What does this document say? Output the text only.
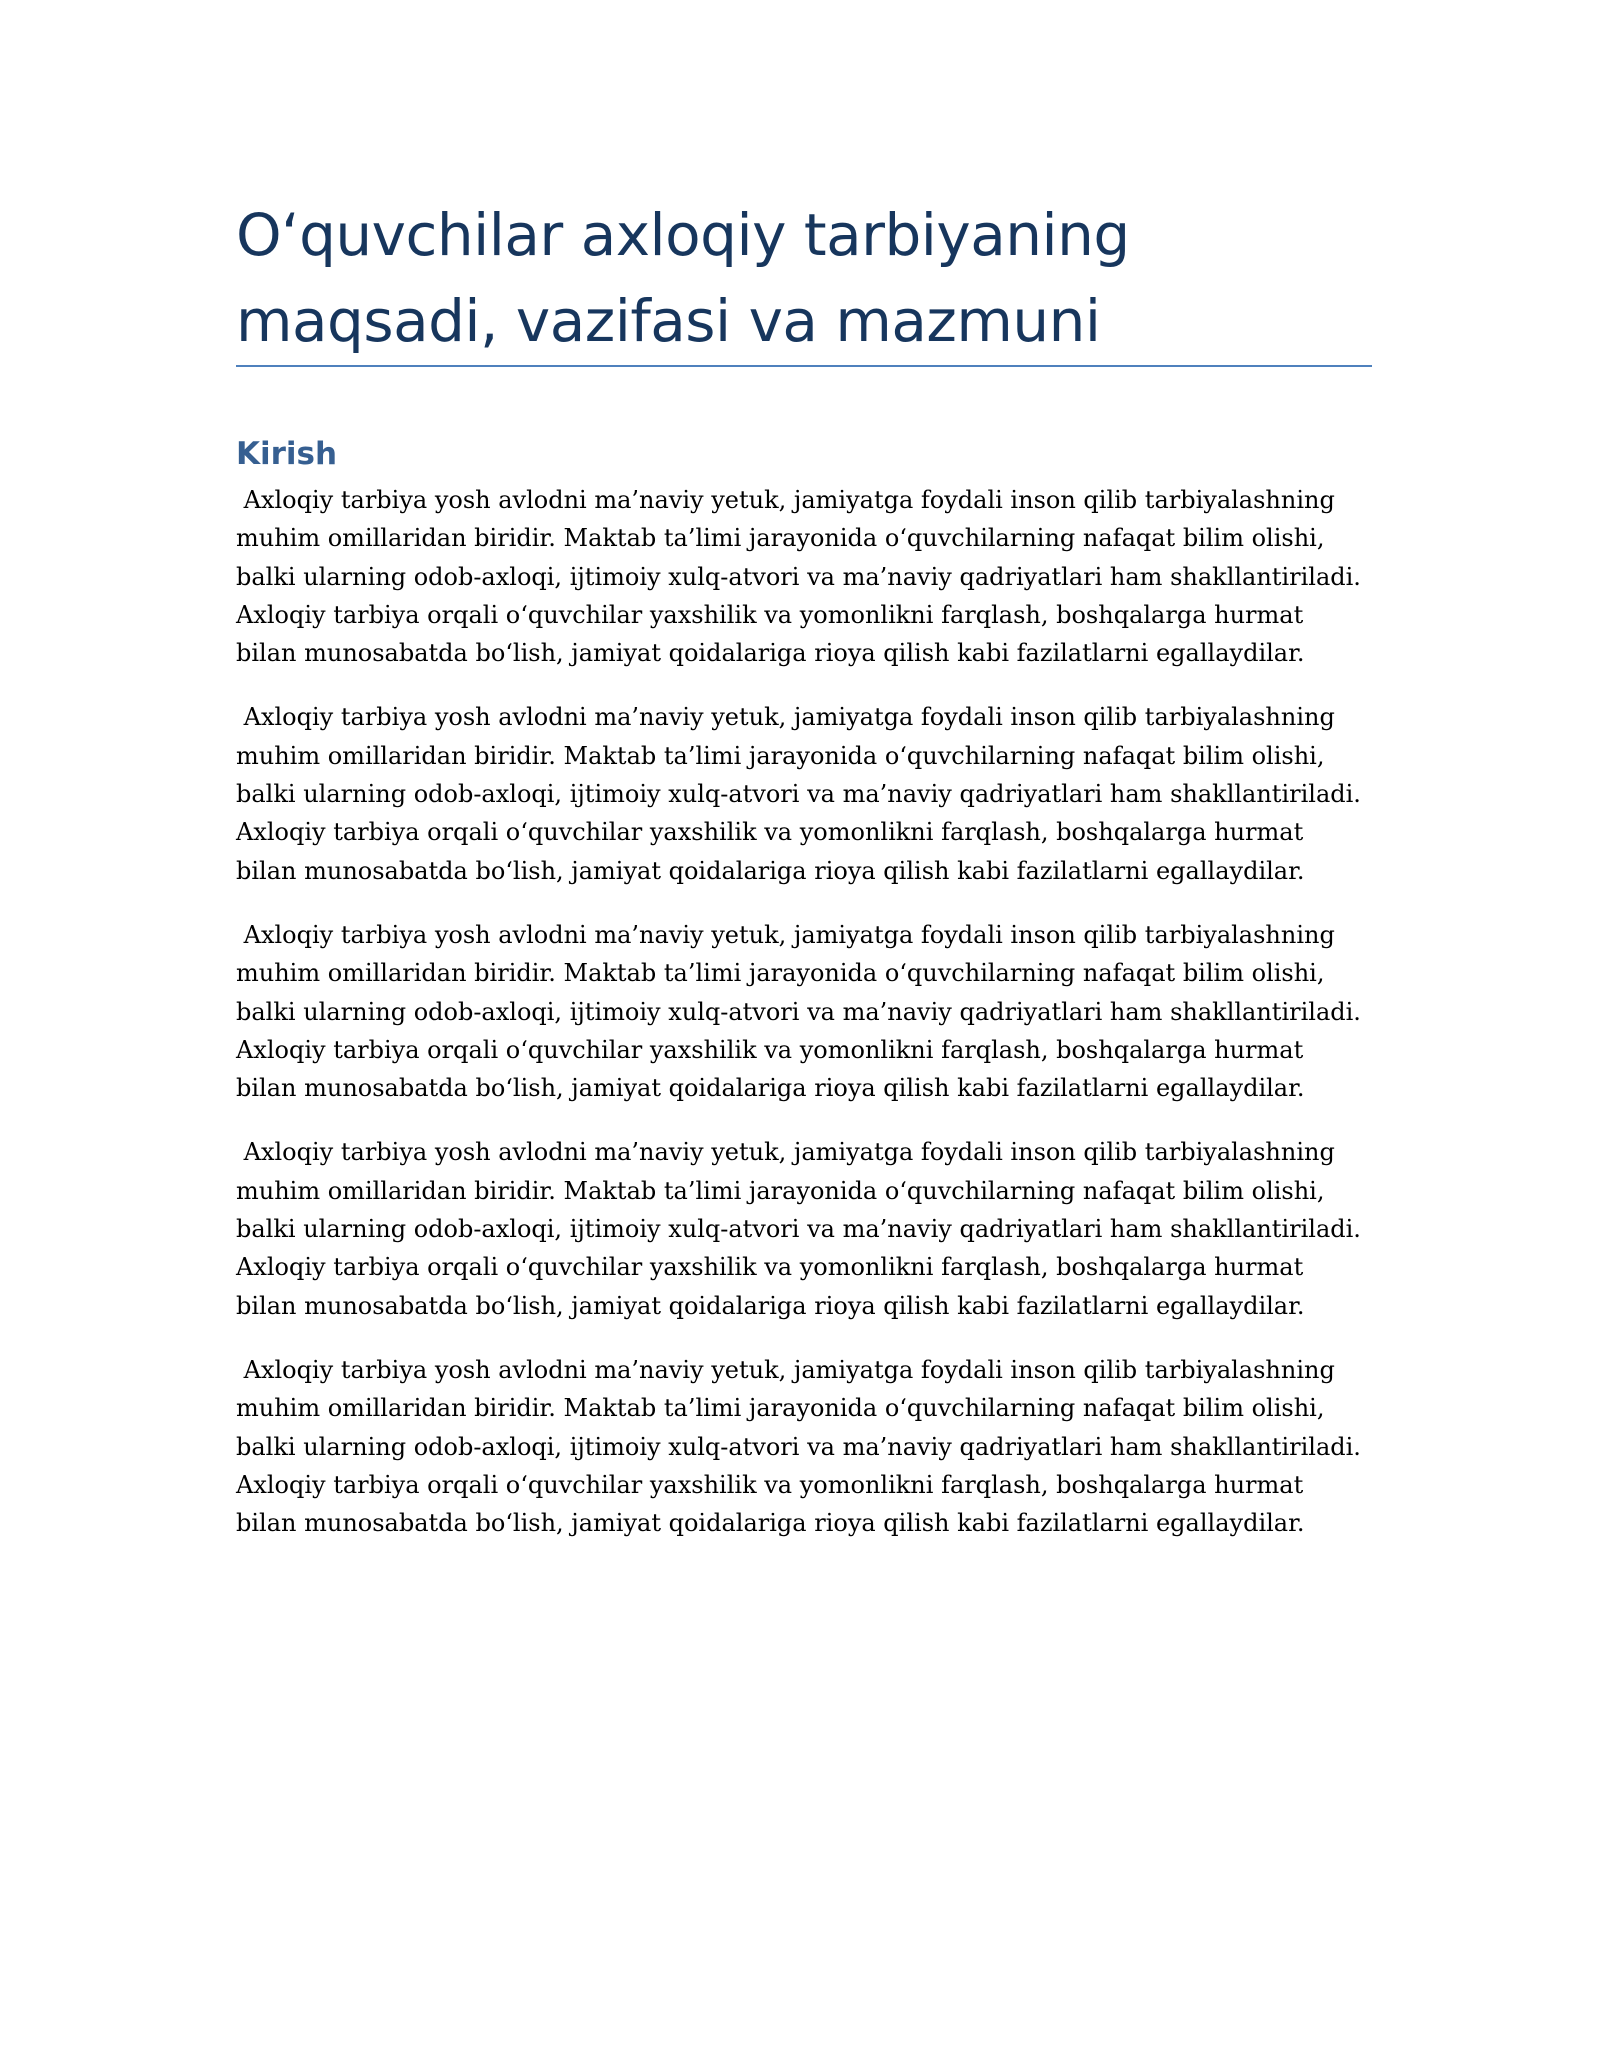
O‘quvchilar axloqiy tarbiyaning maqsadi, vazifasi va mazmuni
Kirish

Axloqiy tarbiya yosh avlodni ma’naviy yetuk, jamiyatga foydali inson qilib tarbiyalashning muhim omillaridan biridir. Maktab ta’limi jarayonida o‘quvchilarning nafaqat bilim olishi, balki ularning odob-axloqi, ijtimoiy xulq-atvori va ma’naviy qadriyatlari ham shakllantiriladi. Axloqiy tarbiya orqali o‘quvchilar yaxshilik va yomonlikni farqlash, boshqalarga hurmat bilan munosabatda bo‘lish, jamiyat qoidalariga rioya qilish kabi fazilatlarni egallaydilar.

Axloqiy tarbiya yosh avlodni ma’naviy yetuk, jamiyatga foydali inson qilib tarbiyalashning muhim omillaridan biridir. Maktab ta’limi jarayonida o‘quvchilarning nafaqat bilim olishi, balki ularning odob-axloqi, ijtimoiy xulq-atvori va ma’naviy qadriyatlari ham shakllantiriladi. Axloqiy tarbiya orqali o‘quvchilar yaxshilik va yomonlikni farqlash, boshqalarga hurmat bilan munosabatda bo‘lish, jamiyat qoidalariga rioya qilish kabi fazilatlarni egallaydilar.

Axloqiy tarbiya yosh avlodni ma’naviy yetuk, jamiyatga foydali inson qilib tarbiyalashning muhim omillaridan biridir. Maktab ta’limi jarayonida o‘quvchilarning nafaqat bilim olishi, balki ularning odob-axloqi, ijtimoiy xulq-atvori va ma’naviy qadriyatlari ham shakllantiriladi. Axloqiy tarbiya orqali o‘quvchilar yaxshilik va yomonlikni farqlash, boshqalarga hurmat bilan munosabatda bo‘lish, jamiyat qoidalariga rioya qilish kabi fazilatlarni egallaydilar.

Axloqiy tarbiya yosh avlodni ma’naviy yetuk, jamiyatga foydali inson qilib tarbiyalashning muhim omillaridan biridir. Maktab ta’limi jarayonida o‘quvchilarning nafaqat bilim olishi, balki ularning odob-axloqi, ijtimoiy xulq-atvori va ma’naviy qadriyatlari ham shakllantiriladi. Axloqiy tarbiya orqali o‘quvchilar yaxshilik va yomonlikni farqlash, boshqalarga hurmat bilan munosabatda bo‘lish, jamiyat qoidalariga rioya qilish kabi fazilatlarni egallaydilar.

Axloqiy tarbiya yosh avlodni ma’naviy yetuk, jamiyatga foydali inson qilib tarbiyalashning muhim omillaridan biridir. Maktab ta’limi jarayonida o‘quvchilarning nafaqat bilim olishi, balki ularning odob-axloqi, ijtimoiy xulq-atvori va ma’naviy qadriyatlari ham shakllantiriladi. Axloqiy tarbiya orqali o‘quvchilar yaxshilik va yomonlikni farqlash, boshqalarga hurmat bilan munosabatda bo‘lish, jamiyat qoidalariga rioya qilish kabi fazilatlarni egallaydilar.
